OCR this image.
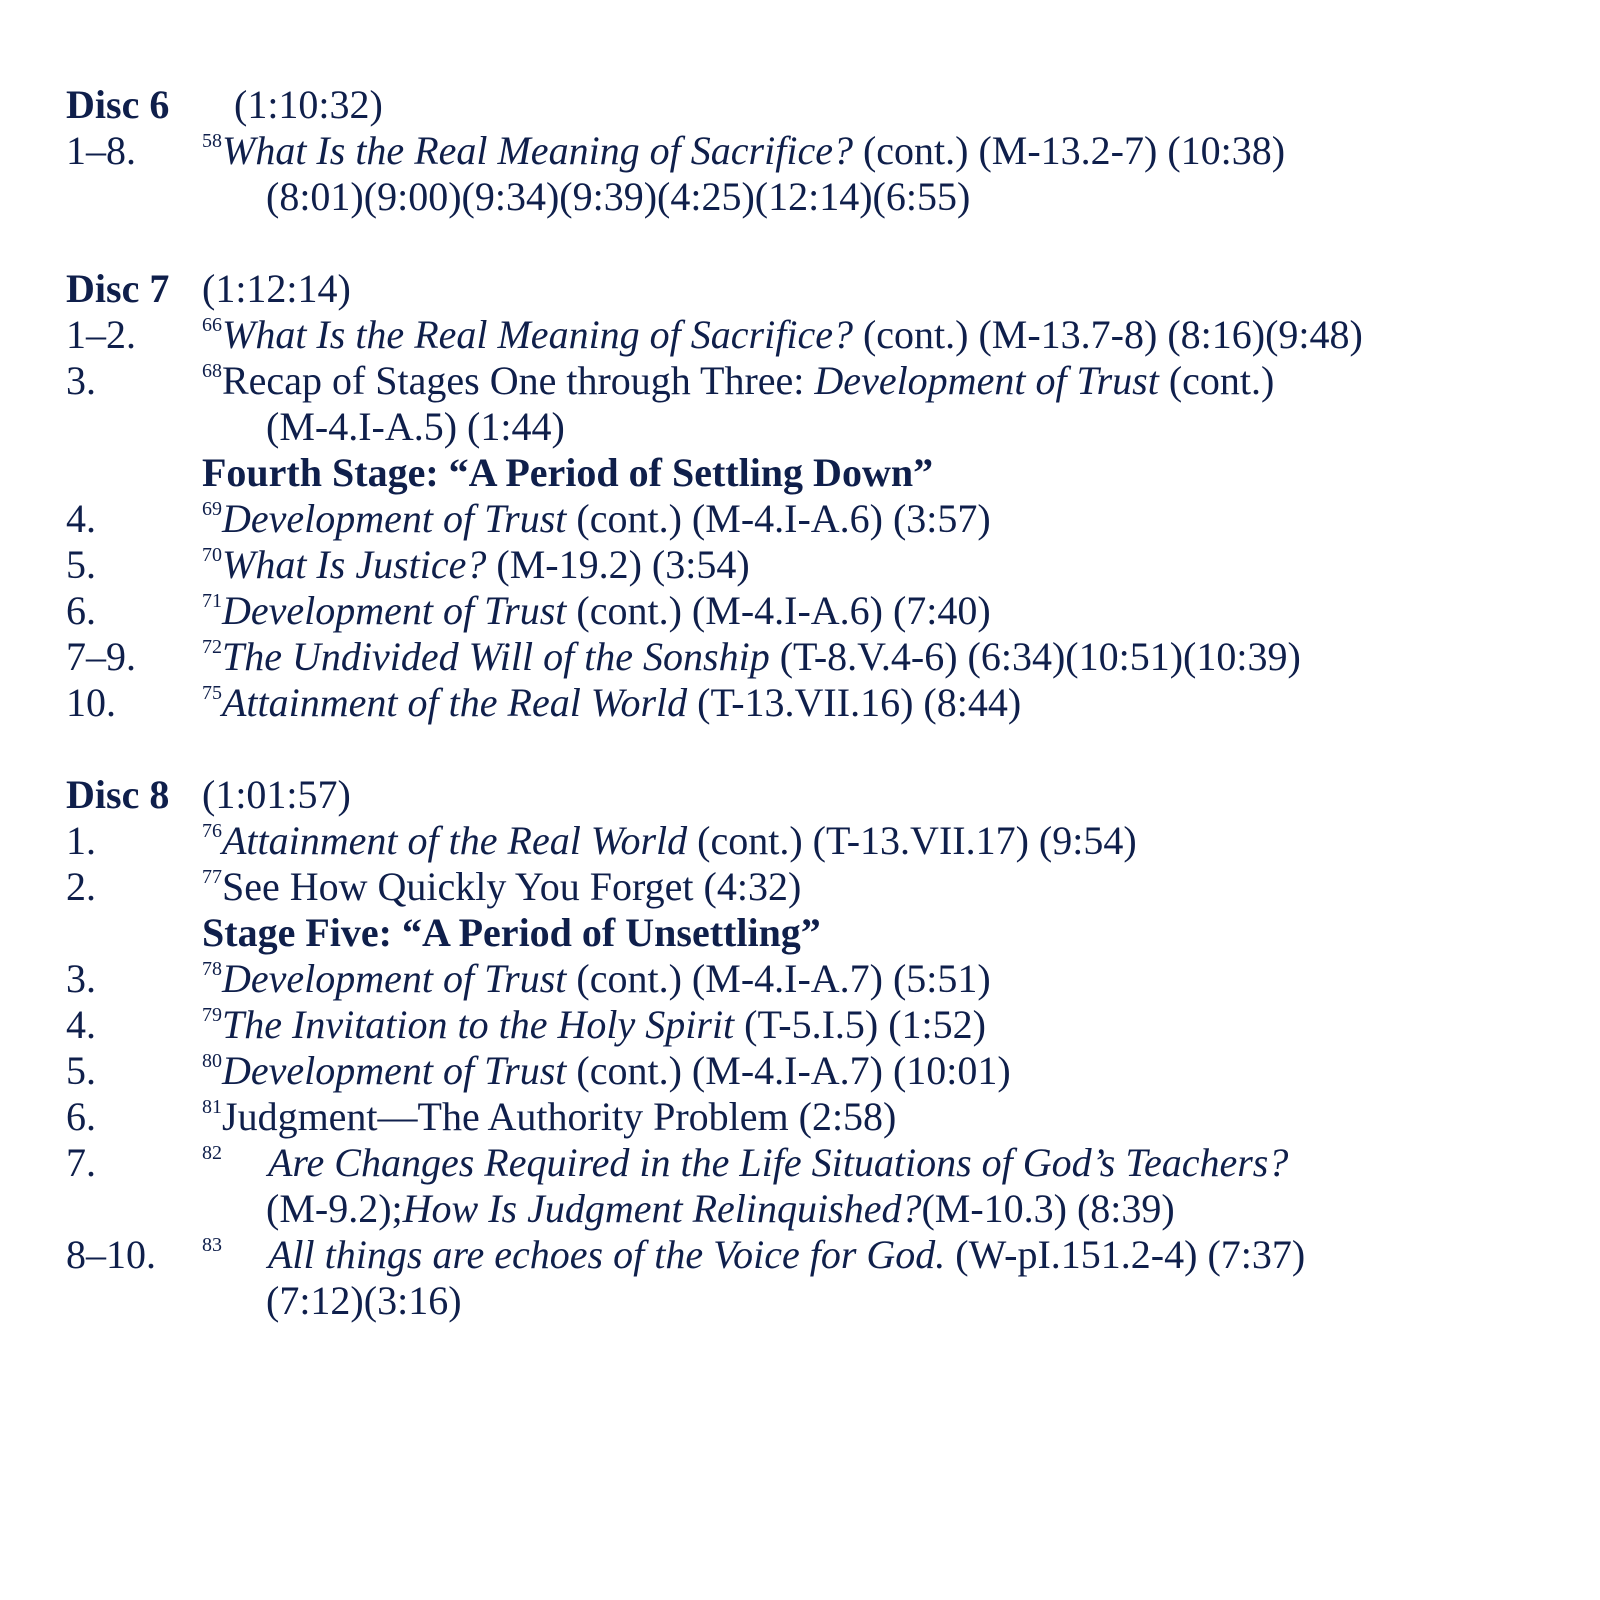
Disc 6	(1:10:32)
1–8.	$^{58}$What Is the Real Meaning of Sacrifice? (cont.) (M-13.2-7) (10:38)
(8:01)(9:00)(9:34)(9:39)(4:25)(12:14)(6:55)
Disc 7 (1:12:14)
1–2.	$^{66}$What Is the Real Meaning of Sacrifice? (cont.) (M-13.7-8) (8:16)(9:48)
3.	$^{68}$Recap of Stages One through Three: Development of Trust (cont.)
(M-4.I-A.5) (1:44)
Fourth Stage: “A Period of Settling Down”
4.	$^{69}$Development of Trust (cont.) (M-4.I-A.6) (3:57)
5.	$^{70}$What Is Justice? (M-19.2) (3:54)
6.	$^{71}$Development of Trust (cont.) (M-4.I-A.6) (7:40)
7–9.	$^{72}$The Undivided Will of the Sonship (T-8.V.4-6) (6:34)(10:51)(10:39)
10.	$^{75}$Attainment of the Real World (T-13.VII.16) (8:44)
Disc 8 (1:01:57)
1.	$^{76}$Attainment of the Real World (cont.) (T-13.VII.17) (9:54)
2.	$^{77}$See How Quickly You Forget (4:32)
Stage Five: “A Period of Unsettling”
3.	$^{78}$Development of Trust (cont.) (M-4.I-A.7) (5:51)
4.	$^{79}$The Invitation to the Holy Spirit (T-5.I.5) (1:52)
5.	$^{80}$Development of Trust (cont.) (M-4.I-A.7) (10:01)
6.	$^{81}$Judgment—The Authority Problem (2:58)
7.	$^{82}$ Are Changes Required in the Life Situations of God’s Teachers?
(M-9.2); How Is Judgment Relinquished? (M-10.3) (8:39)
8–10.	$^{83}$ All things are echoes of the Voice for God. (W-pI.151.2-4) (7:37)
(7:12)(3:16)
